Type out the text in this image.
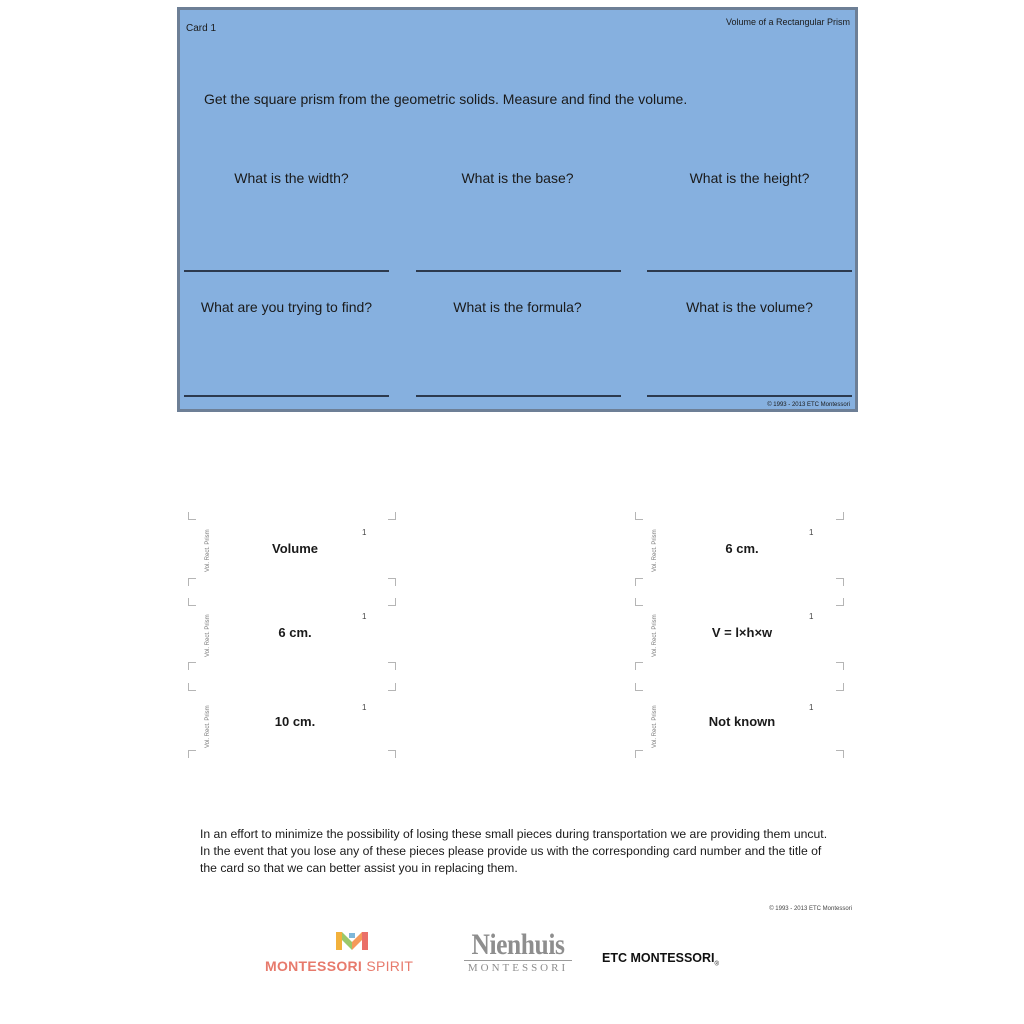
Card 1
Volume of a Rectangular Prism
Get the square prism from the geometric solids. Measure and find the volume.
What is the width?	What is the base?	What is the height?
What are you trying to find?	What is the formula?	What is the volume?
© 1993 - 2013 ETC Montessori
Volume
6 cm.
10 cm.
1
1
1
Vol. Rect. Prism
Vol. Rect. Prism
Vol. Rect. Prism
6 cm.
V = l×h×w
Not known
1
1
1
Vol. Rect. Prism
Vol. Rect. Prism
Vol. Rect. Prism
In an effort to minimize the possibility of losing these small pieces during transportation we are providing them uncut. In the event that you lose any of these pieces please provide us with the corresponding card number and the title of the card so that we can better assist you in replacing them.
© 1993 - 2013 ETC Montessori
MONTESSORI SPIRIT
Nienhuis
MONTESSORI
ETC $MONTESSORI_®$
